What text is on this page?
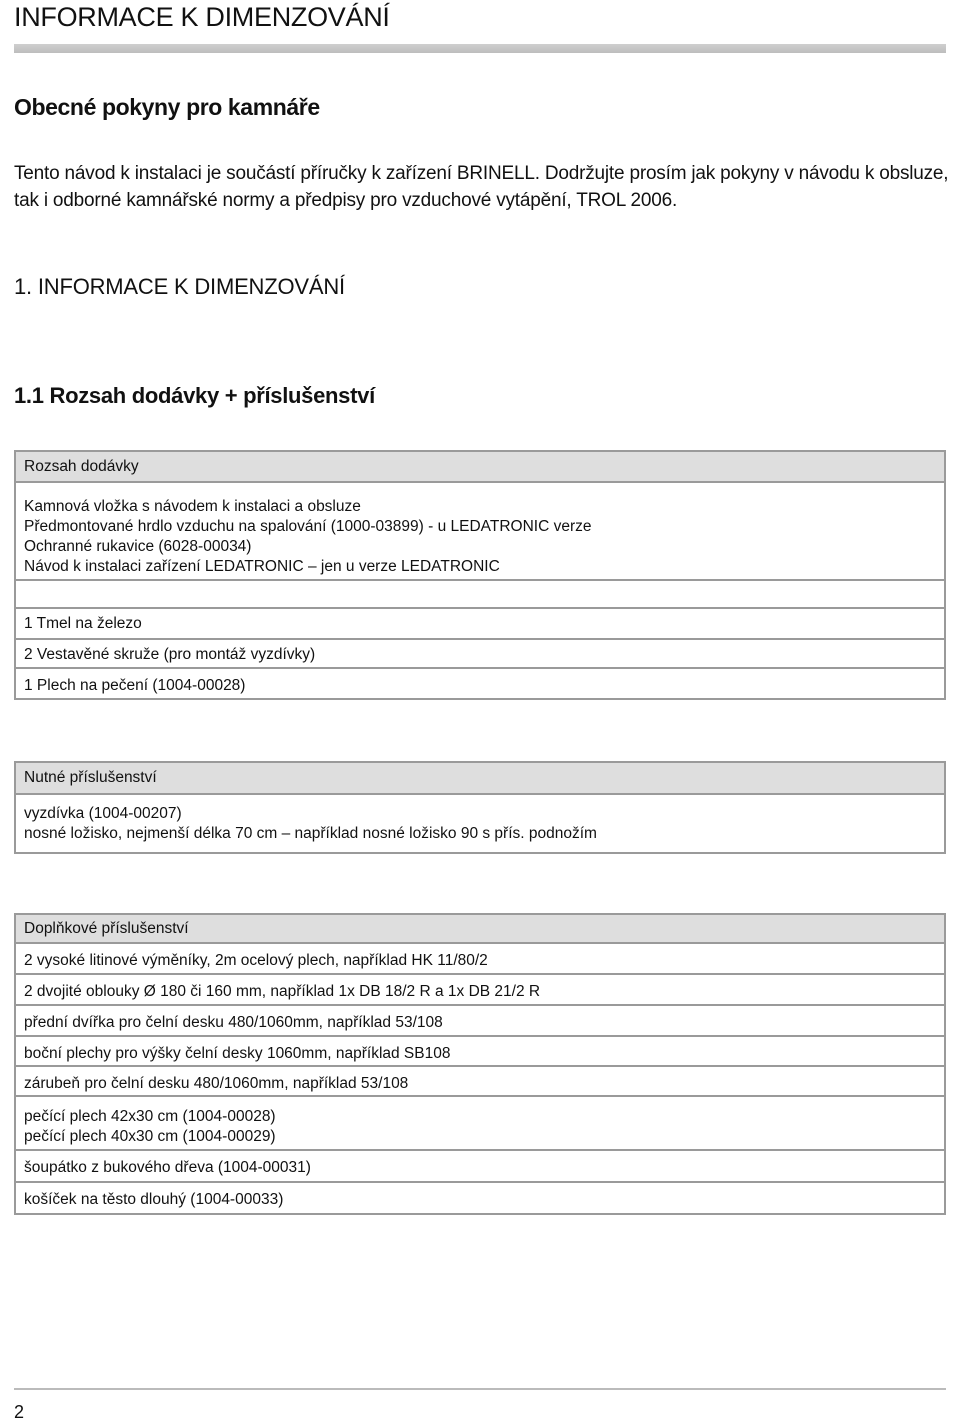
INFORMACE K DIMENZOVÁNÍ
Obecné pokyny pro kamnáře
Tento návod k instalaci je součástí příručky k zařízení BRINELL. Dodržujte prosím jak pokyny v návodu k obsluze, tak i odborné kamnářské normy a předpisy pro vzduchové vytápění, TROL 2006.
1. INFORMACE K DIMENZOVÁNÍ
1.1 Rozsah dodávky + příslušenství
Rozsah dodávky
Kamnová vložka s návodem k instalaci a obsluze
Předmontované hrdlo vzduchu na spalování (1000-03899) - u LEDATRONIC verze
Ochranné rukavice (6028-00034)
Návod k instalaci zařízení LEDATRONIC – jen u verze LEDATRONIC
1 Tmel na železo
2 Vestavěné skruže (pro montáž vyzdívky)
1 Plech na pečení (1004-00028)
Nutné příslušenství
vyzdívka (1004-00207)
nosné ložisko, nejmenší délka 70 cm – například nosné ložisko 90 s přís. podnožím
Doplňkové příslušenství
2 vysoké litinové výměníky, 2m ocelový plech, například HK 11/80/2
2 dvojité oblouky Ø 180 či 160 mm, například 1x DB 18/2 R a 1x DB 21/2 R
přední dvířka pro čelní desku 480/1060mm, například 53/108
boční plechy pro výšky čelní desky 1060mm, například SB108
zárubeň pro čelní desku 480/1060mm, například 53/108
pečící plech 42x30 cm (1004-00028)
pečící plech 40x30 cm (1004-00029)
šoupátko z bukového dřeva (1004-00031)
košíček na těsto dlouhý (1004-00033)
2
